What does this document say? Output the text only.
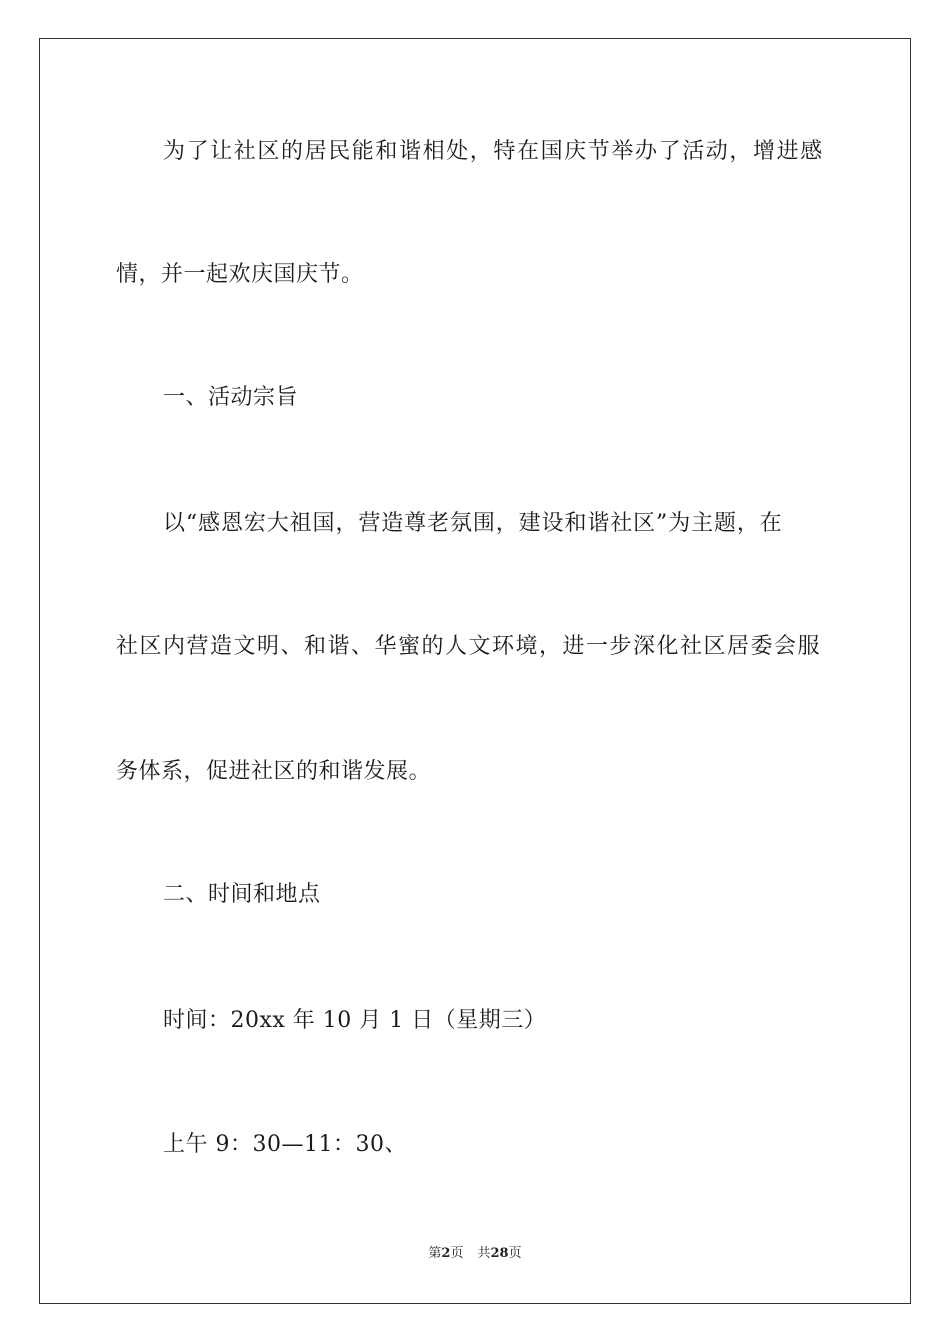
为了让社区的居民能和谐相处，特在国庆节举办了活动，增进感
情，并一起欢庆国庆节。
一、活动宗旨
以“感恩宏大祖国，营造尊老氛围，建设和谐社区”为主题，在
社区内营造文明、和谐、华蜜的人文环境，进一步深化社区居委会服
务体系，促进社区的和谐发展。
二、时间和地点
时间：20xx 年 10 月 1 日（星期三）
上午 9：30—11：30、
第2页 共28页
